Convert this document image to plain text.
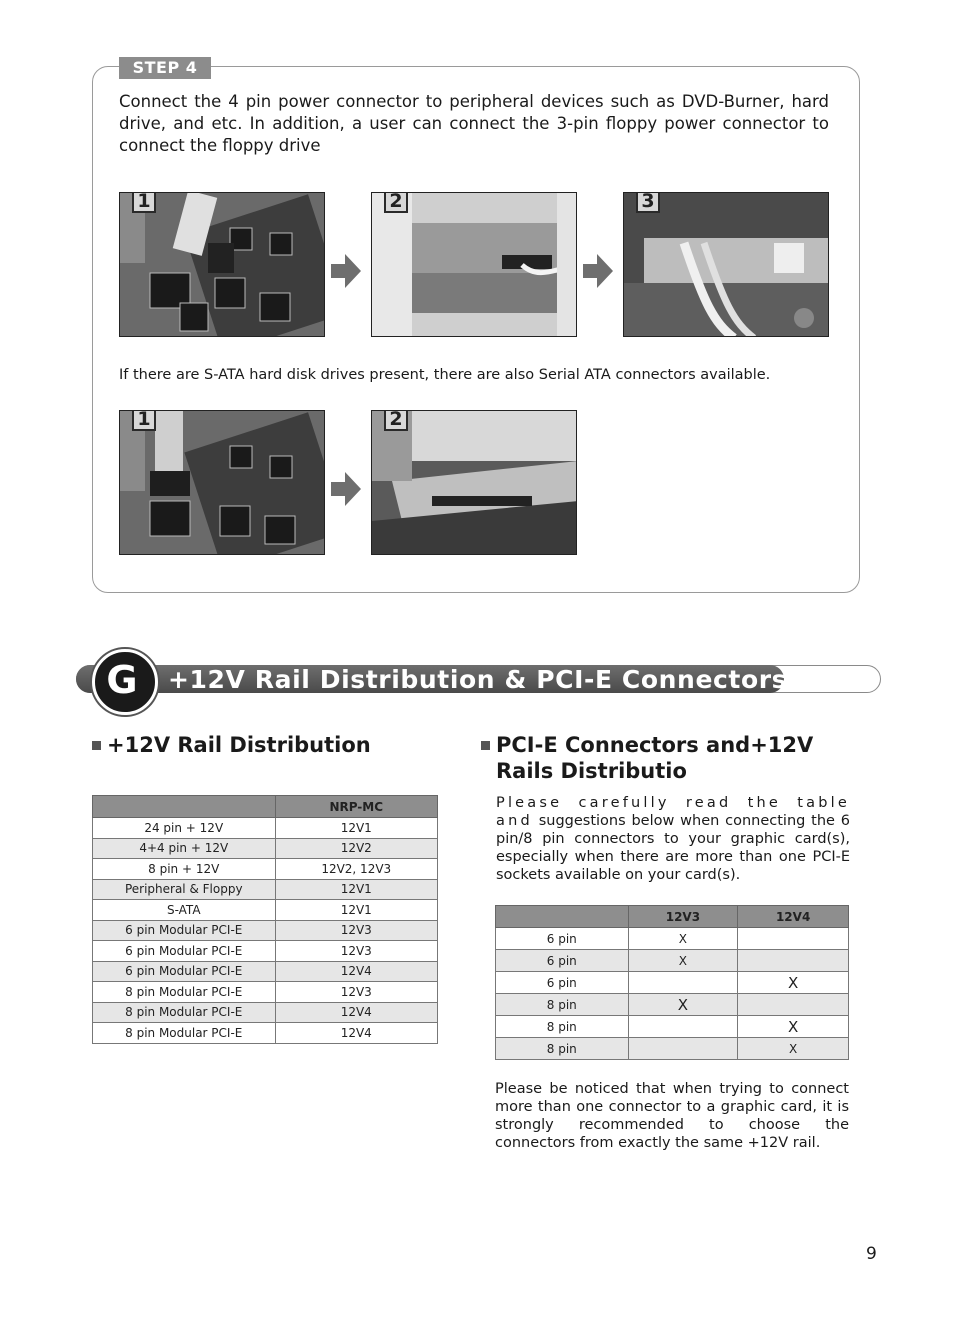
STEP 4
Connect the 4 pin power connector to peripheral devices such as DVD-Burner, hard drive, and etc. In addition, a user can connect the 3-pin floppy power connector to connect the floppy drive
1	2	3
If there are S-ATA hard disk drives present, there are also Serial ATA connectors available.
1	2
+12V Rail Distribution & PCI-E Connectors
G
+12V Rail Distribution
	NRP-MC
24 pin + 12V	12V1
4+4 pin + 12V	12V2
8 pin + 12V	12V2, 12V3
Peripheral & Floppy	12V1
S-ATA	12V1
6 pin Modular PCI-E	12V3
6 pin Modular PCI-E	12V3
6 pin Modular PCI-E	12V4
8 pin Modular PCI-E	12V3
8 pin Modular PCI-E	12V4
8 pin Modular PCI-E	12V4
PCI-E Connectors and+12V
Rails Distributio
Please carefully read the table and suggestions below when connecting the 6 pin/8 pin connectors to your graphic card(s), especially when there are more than one PCI-E sockets available on your card(s).
	12V3	12V4
6 pin	X	
6 pin	X	
6 pin		X
8 pin	X	
8 pin		X
8 pin		X
Please be noticed that when trying to connect more than one connector to a graphic card, it is strongly recommended to choose the connectors from exactly the same +12V rail.
9
